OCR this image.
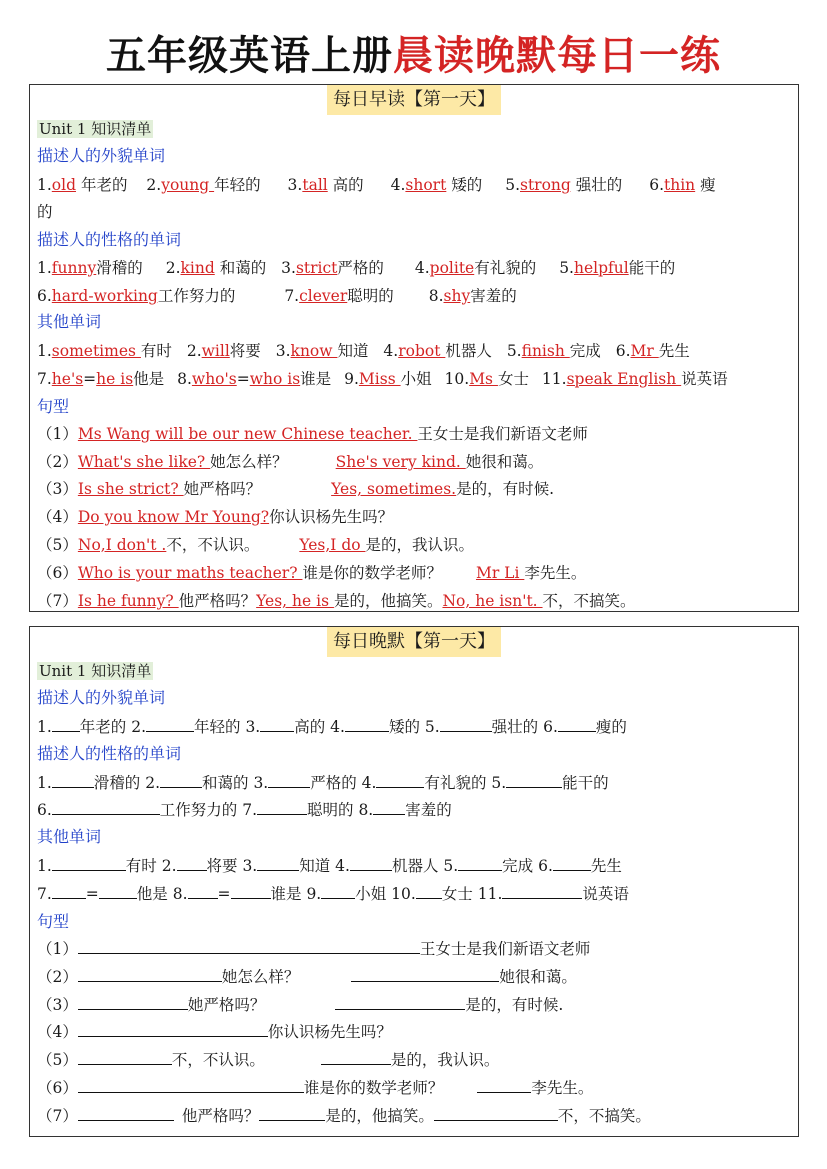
五年级英语上册晨读晚默每日一练
每日早读【第一天】
Unit 1 知识清单
描述人的外貌单词
1.old 年老的 2.young 年轻的 3.tall 高的 4.short 矮的 5.strong 强壮的 6.thin 瘦
的
描述人的性格的单词
1.funny滑稽的 2.kind 和蔼的 3.strict严格的 4.polite有礼貌的 5.helpful能干的
6.hard-working工作努力的	7.clever聪明的 8.shy害羞的
其他单词
1.sometimes 有时 2.will将要 3.know 知道 4.robot 机器人 5.finish 完成 6.Mr 先生
7.he's=he is他是 8.who's=who is谁是 9.Miss 小姐 10.Ms 女士 11.speak English 说英语
句型
（1）Ms Wang will be our new Chinese teacher. 王女士是我们新语文老师
（2）What's she like? 她怎么样？	She's very kind. 她很和蔼。
（3）Is she strict? 她严格吗？	Yes, sometimes.是的，有时候.
（4）Do you know Mr Young?你认识杨先生吗？
（5）No,I don't .不，不认识。	Yes,I do 是的，我认识。
（6）Who is your maths teacher? 谁是你的数学老师？ Mr Li 李先生。
（7）Is he funny? 他严格吗？Yes, he is 是的，他搞笑。No, he isn't. 不，不搞笑。
每日晚默【第一天】
Unit 1 知识清单
描述人的外貌单词
1. 年老的 2.	年轻的 3. 高的 4.	矮的 5.	强壮的 6. 瘦的
描述人的性格的单词
1.	滑稽的 2.	和蔼的 3.	严格的 4.	有礼貌的 5.	能干的
6.	工作努力的 7.	聪明的 8. 害羞的
其他单词
1.	有时 2. 将要 3.	知道 4.	机器人 5.	完成 6. 先生
7. = 他是 8. =	谁是 9. 小姐 10. 女士 11.	说英语
句型
（1）	王女士是我们新语文老师
（2）	她怎么样？	她很和蔼。
（3）	她严格吗？	是的，有时候.
（4）	你认识杨先生吗？
（5）	不，不认识。	是的，我认识。
（6）	谁是你的数学老师？	李先生。
（7）	他严格吗？	是的，他搞笑。	不，不搞笑。
